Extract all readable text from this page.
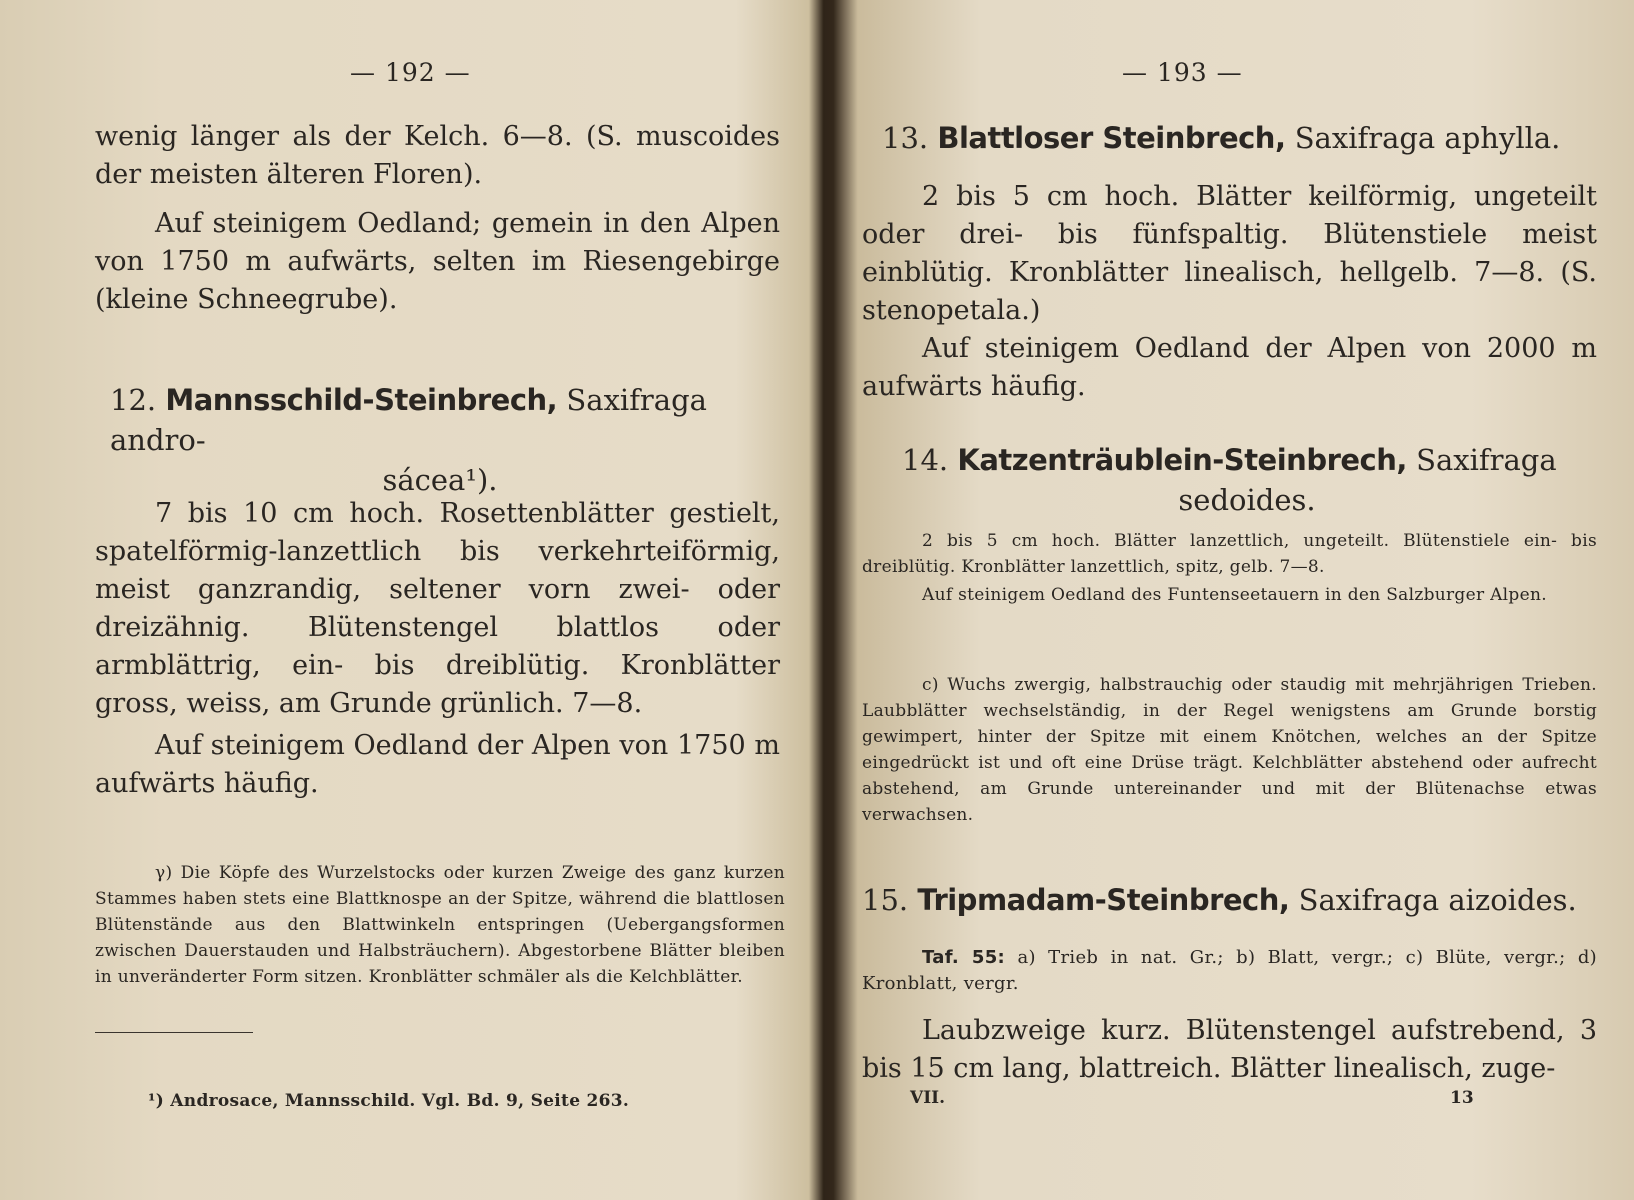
— 192 —

wenig länger als der Kelch. 6—8. (S. muscoides der meisten älteren Floren).

Auf steinigem Oedland; gemein in den Alpen von 1750 m aufwärts, selten im Riesengebirge (kleine Schneegrube).

12. Mannsschild-Steinbrech, Saxifraga andro-
sácea¹).

7 bis 10 cm hoch. Rosettenblätter gestielt, spatelförmig-lanzettlich bis verkehrteiförmig, meist ganzrandig, seltener vorn zwei- oder dreizähnig. Blütenstengel blattlos oder armblättrig, ein- bis dreiblütig. Kronblätter gross, weiss, am Grunde grünlich. 7—8.

Auf steinigem Oedland der Alpen von 1750 m aufwärts häufig.

γ) Die Köpfe des Wurzelstocks oder kurzen Zweige des ganz kurzen Stammes haben stets eine Blattknospe an der Spitze, während die blattlosen Blütenstände aus den Blattwinkeln entspringen (Uebergangsformen zwischen Dauerstauden und Halbsträuchern). Abgestorbene Blätter bleiben in unveränderter Form sitzen. Kronblätter schmäler als die Kelchblätter.

¹) Androsace, Mannsschild. Vgl. Bd. 9, Seite 263.

— 193 —
13. Blattloser Steinbrech, Saxifraga aphylla.

2 bis 5 cm hoch. Blätter keilförmig, ungeteilt oder drei- bis fünfspaltig. Blütenstiele meist einblütig. Kronblätter linealisch, hellgelb. 7—8. (S. stenopetala.)

Auf steinigem Oedland der Alpen von 2000 m aufwärts häufig.

14. Katzenträublein-Steinbrech, Saxifraga
sedoides.

2 bis 5 cm hoch. Blätter lanzettlich, ungeteilt. Blütenstiele ein- bis dreiblütig. Kronblätter lanzettlich, spitz, gelb. 7—8.

Auf steinigem Oedland des Funtenseetauern in den Salzburger Alpen.

c) Wuchs zwergig, halbstrauchig oder staudig mit mehrjährigen Trieben. Laubblätter wechselständig, in der Regel wenigstens am Grunde borstig gewimpert, hinter der Spitze mit einem Knötchen, welches an der Spitze eingedrückt ist und oft eine Drüse trägt. Kelchblätter abstehend oder aufrecht abstehend, am Grunde untereinander und mit der Blütenachse etwas verwachsen.

15. Tripmadam-Steinbrech, Saxifraga aizoides.

Taf. 55: a) Trieb in nat. Gr.; b) Blatt, vergr.; c) Blüte, vergr.; d) Kronblatt, vergr.

Laubzweige kurz. Blütenstengel aufstrebend, 3 bis 15 cm lang, blattreich. Blätter linealisch, zuge-

VII.	13
